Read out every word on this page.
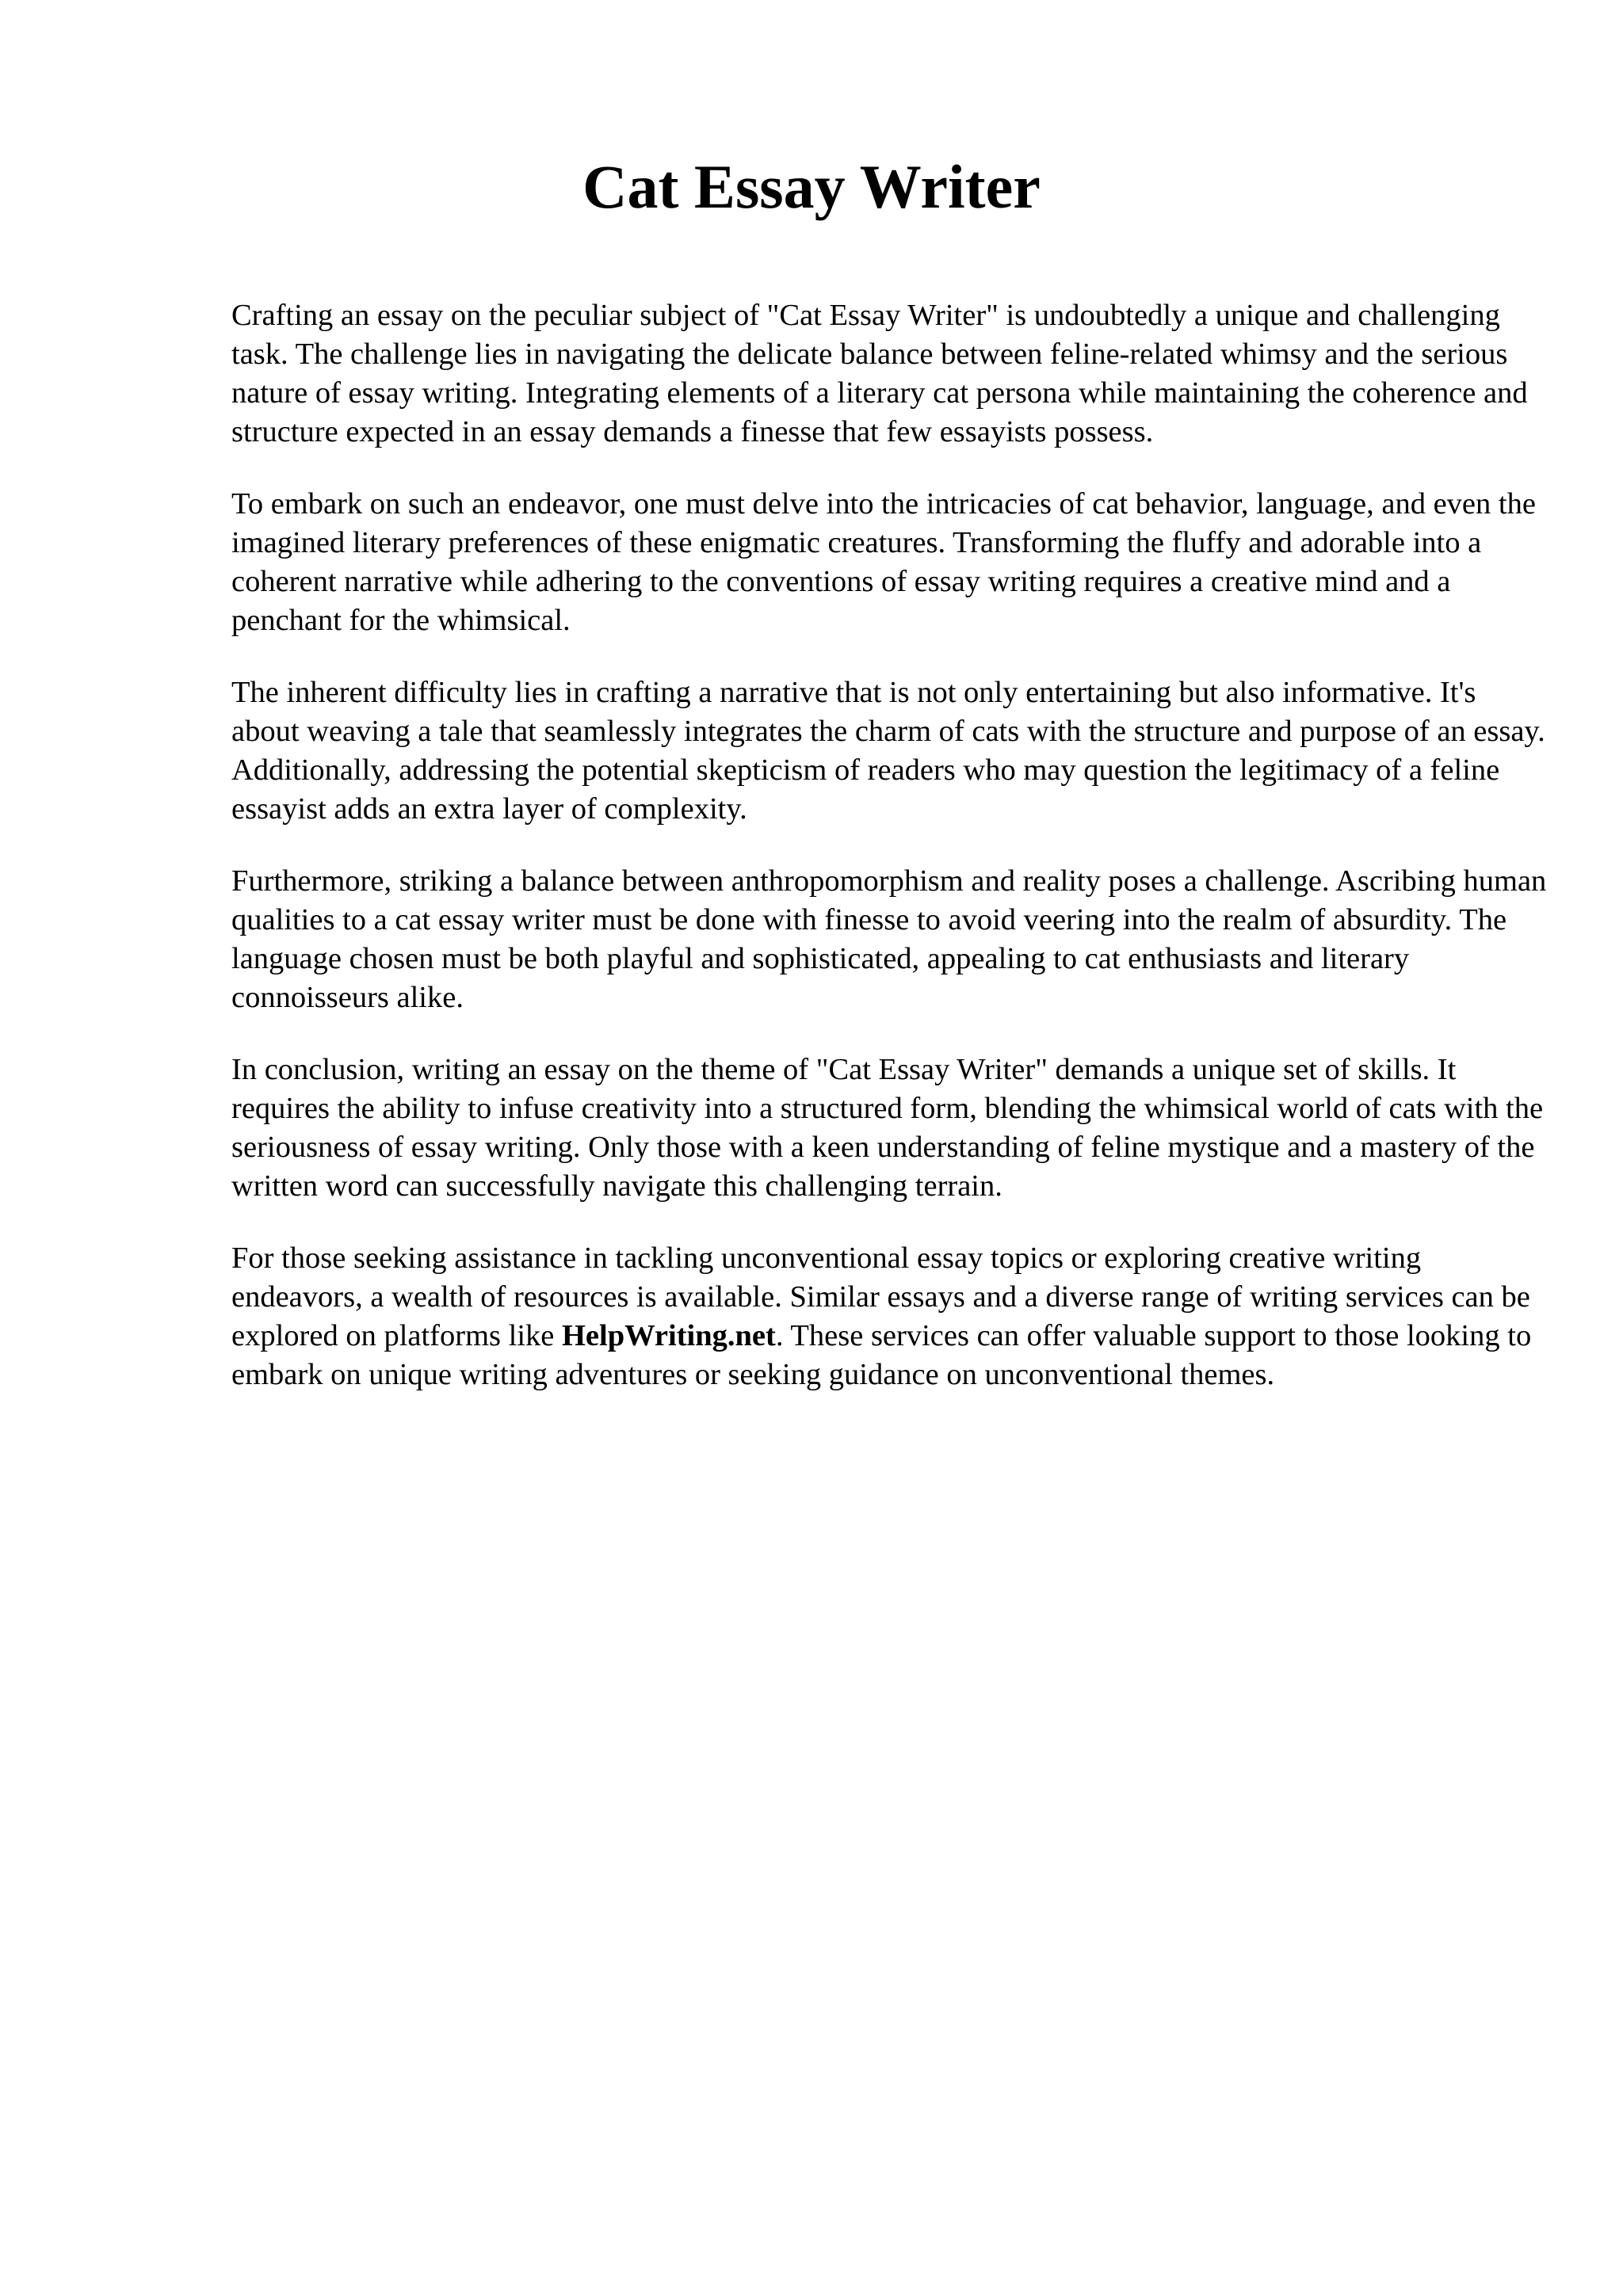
Cat Essay Writer

Crafting an essay on the peculiar subject of "Cat Essay Writer" is undoubtedly a unique and challenging task. The challenge lies in navigating the delicate balance between feline-related whimsy and the serious nature of essay writing. Integrating elements of a literary cat persona while maintaining the coherence and structure expected in an essay demands a finesse that few essayists possess.

To embark on such an endeavor, one must delve into the intricacies of cat behavior, language, and even the imagined literary preferences of these enigmatic creatures. Transforming the fluffy and adorable into a coherent narrative while adhering to the conventions of essay writing requires a creative mind and a penchant for the whimsical.

The inherent difficulty lies in crafting a narrative that is not only entertaining but also informative. It's about weaving a tale that seamlessly integrates the charm of cats with the structure and purpose of an essay. Additionally, addressing the potential skepticism of readers who may question the legitimacy of a feline essayist adds an extra layer of complexity.

Furthermore, striking a balance between anthropomorphism and reality poses a challenge. Ascribing human qualities to a cat essay writer must be done with finesse to avoid veering into the realm of absurdity. The language chosen must be both playful and sophisticated, appealing to cat enthusiasts and literary connoisseurs alike.

In conclusion, writing an essay on the theme of "Cat Essay Writer" demands a unique set of skills. It requires the ability to infuse creativity into a structured form, blending the whimsical world of cats with the seriousness of essay writing. Only those with a keen understanding of feline mystique and a mastery of the written word can successfully navigate this challenging terrain.

For those seeking assistance in tackling unconventional essay topics or exploring creative writing endeavors, a wealth of resources is available. Similar essays and a diverse range of writing services can be explored on platforms like HelpWriting.net. These services can offer valuable support to those looking to embark on unique writing adventures or seeking guidance on unconventional themes.
